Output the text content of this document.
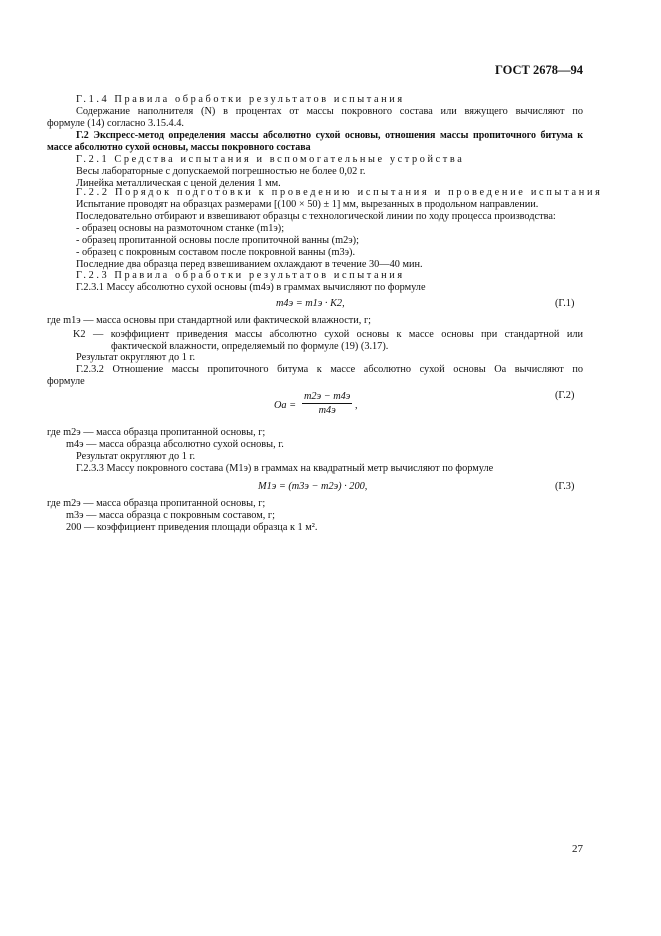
ГОСТ 2678—94
Г.1.4 Правила обработки результатов испытания
Содержание наполнителя (N) в процентах от массы покровного состава или вяжущего вычисляют по
формуле (14) согласно 3.15.4.4.
Г.2 Экспресс-метод определения массы абсолютно сухой основы, отношения массы пропиточного битума к
массе абсолютно сухой основы, массы покровного состава
Г.2.1 Средства испытания и вспомогательные устройства
Весы лабораторные с допускаемой погрешностью не более 0,02 г.
Линейка металлическая с ценой деления 1 мм.
Г.2.2 Порядок подготовки к проведению испытания и проведение испытания
Испытание проводят на образцах размерами [(100 × 50) ± 1] мм, вырезанных в продольном направлении.
Последовательно отбирают и взвешивают образцы с технологической линии по ходу процесса производства:
- образец основы на размоточном станке (m1э);
- образец пропитанной основы после пропиточной ванны (m2э);
- образец с покровным составом после покровной ванны (m3э).
Последние два образца перед взвешиванием охлаждают в течение 30—40 мин.
Г.2.3 Правила обработки результатов испытания
Г.2.3.1 Массу абсолютно сухой основы (m4э) в граммах вычисляют по формуле
m4э = m1э · K2,	(Г.1)
где m1э — масса основы при стандартной или фактической влажности, г;
K2 — коэффициент приведения массы абсолютно сухой основы к массе основы при стандартной или
фактической влажности, определяемый по формуле (19) (3.17).
Результат округляют до 1 г.
Г.2.3.2 Отношение массы пропиточного битума к массе абсолютно сухой основы Oа вычисляют по
формуле
Oа =
m2э − m4э
m4э	,
(Г.2)
где m2э — масса образца пропитанной основы, г;
m4э — масса образца абсолютно сухой основы, г.
Результат округляют до 1 г.
Г.2.3.3 Массу покровного состава (M1э) в граммах на квадратный метр вычисляют по формуле
M1э = (m3э − m2э) · 200,	(Г.3)
где m2э — масса образца пропитанной основы, г;
m3э — масса образца с покровным составом, г;
200 — коэффициент приведения площади образца к 1 м².
27
